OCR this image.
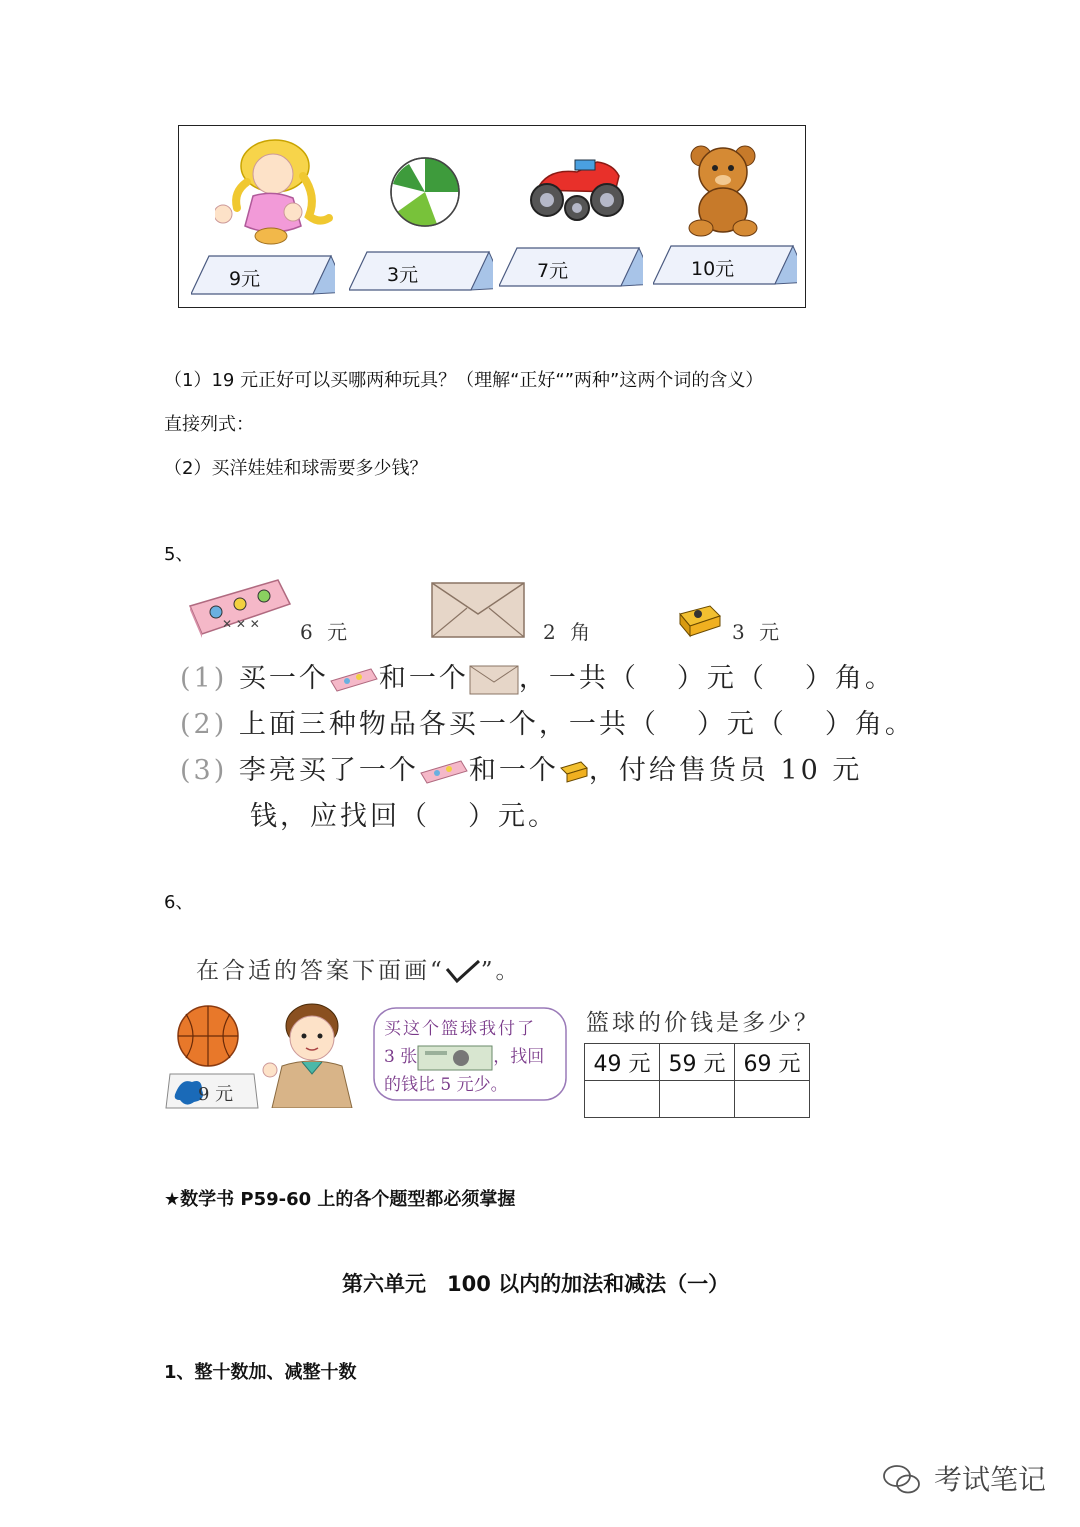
9元	3元	7元	10元
（1）19 元正好可以买哪两种玩具？（理解“正好“”两种”这两个词的含义）
直接列式：
（2）买洋娃娃和球需要多少钱？
5、
✕ ✕ ✕ 6 元	2 角	3 元
(1) 买一个 和一个 ，一共（ ）元（ ）角。
(2) 上面三种物品各买一个，一共（ ）元（ ）角。
(3) 李亮买了一个 和一个 ，付给售货员 10 元
钱，应找回（ ）元。
6、
在合适的答案下面画“ ”。
9 元
买这个篮球我付了
3 张	，找回
的钱比 5 元少。
篮球的价钱是多少？
49 元	59 元	69 元

★数学书 P59-60 上的各个题型都必须掌握
第六单元　100 以内的加法和减法（一）
1、整十数加、减整十数
考试笔记
